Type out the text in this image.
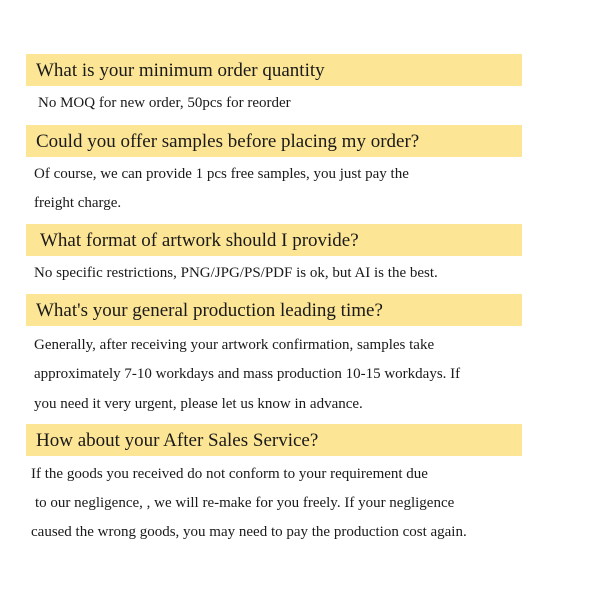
What is your minimum order quantity
No MOQ for new order, 50pcs for reorder
Could you offer samples before placing my order?
Of course, we can provide 1 pcs free samples, you just pay the
freight charge.
What format of artwork should I provide?
No specific restrictions, PNG/JPG/PS/PDF is ok, but AI is the best.
What's your general production leading time?
Generally, after receiving your artwork confirmation, samples take
approximately 7-10 workdays and mass production 10-15 workdays. If
you need it very urgent, please let us know in advance.
How about your After Sales Service?
If the goods you received do not conform to your requirement due
to our negligence, , we will re-make for you freely. If your negligence
caused the wrong goods, you may need to pay the production cost again.
